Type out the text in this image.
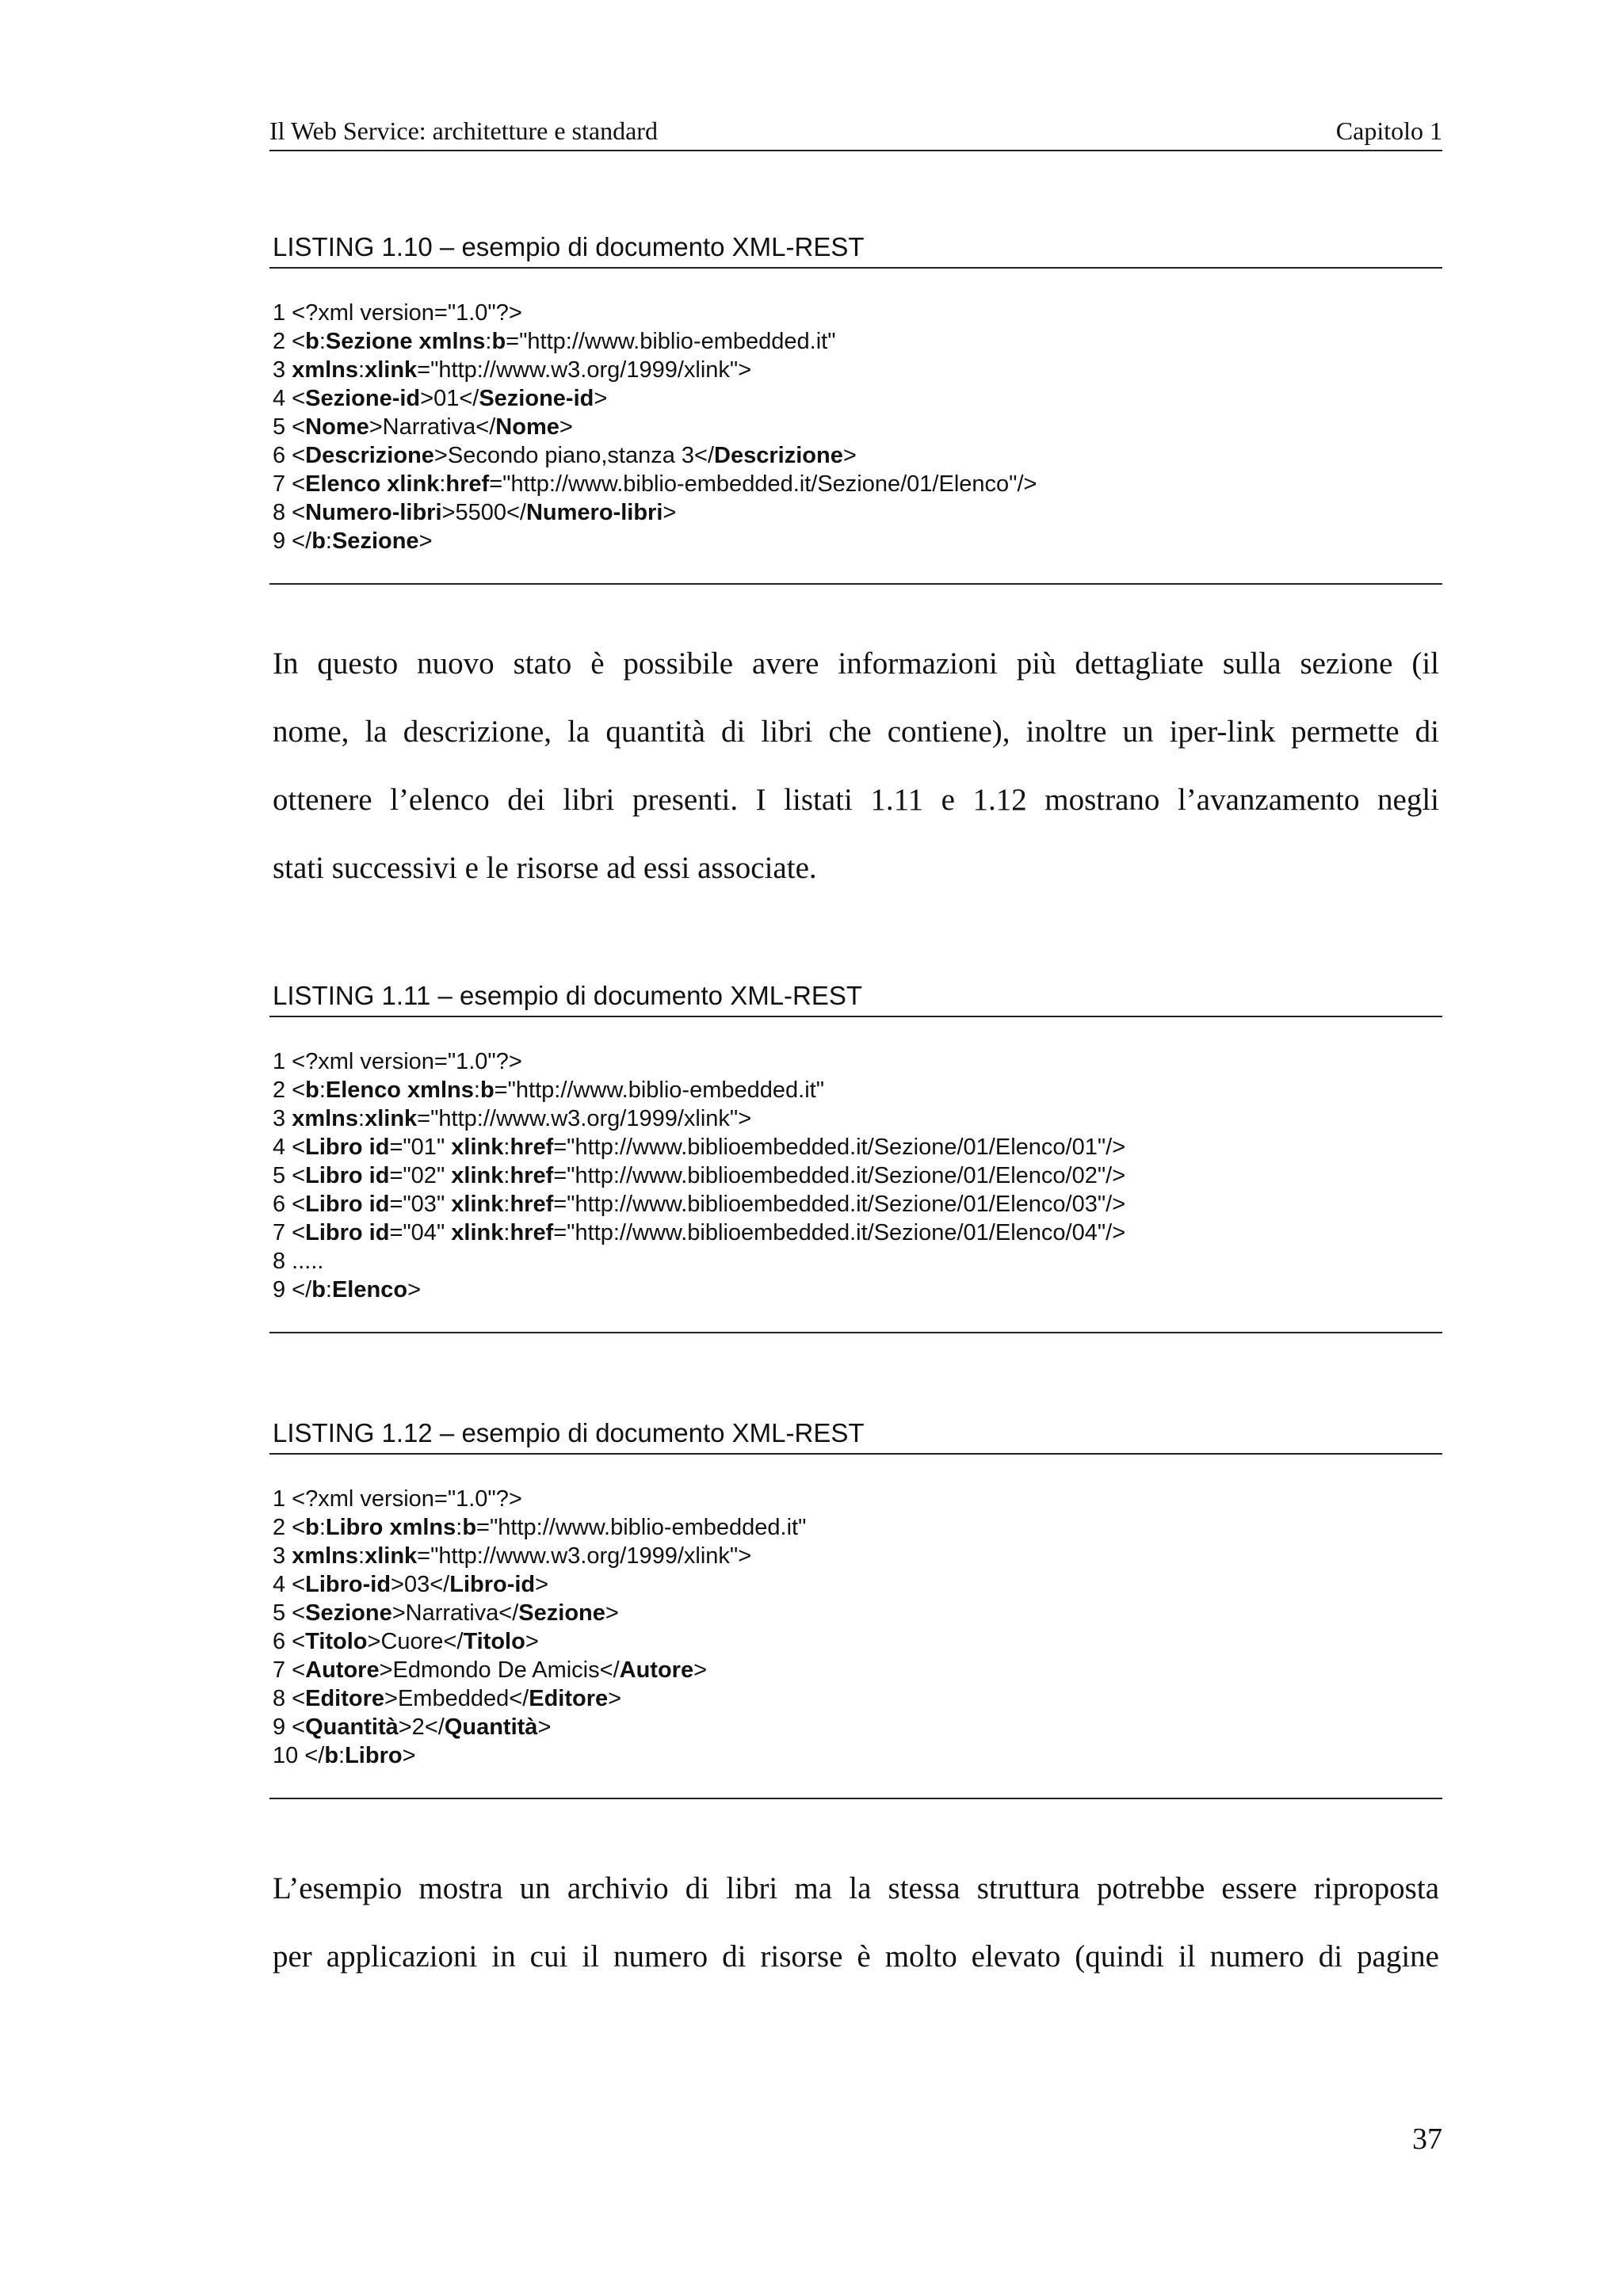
Il Web Service: architetture e standard	Capitolo 1
LISTING 1.10 – esempio di documento XML-REST
1 <?xml version="1.0"?>
2 <b:Sezione xmlns:b="http://www.biblio-embedded.it"
3 xmlns:xlink="http://www.w3.org/1999/xlink">
4 <Sezione-id>01</Sezione-id>
5 <Nome>Narrativa</Nome>
6 <Descrizione>Secondo piano,stanza 3</Descrizione>
7 <Elenco xlink:href="http://www.biblio-embedded.it/Sezione/01/Elenco"/>
8 <Numero-libri>5500</Numero-libri>
9 </b:Sezione>
In questo nuovo stato è possibile avere informazioni più dettagliate sulla sezione (il
nome, la descrizione, la quantità di libri che contiene), inoltre un iper-link permette di
ottenere l’elenco dei libri presenti. I listati 1.11 e 1.12 mostrano l’avanzamento negli
stati successivi e le risorse ad essi associate.
LISTING 1.11 – esempio di documento XML-REST
1 <?xml version="1.0"?>
2 <b:Elenco xmlns:b="http://www.biblio-embedded.it"
3 xmlns:xlink="http://www.w3.org/1999/xlink">
4 <Libro id="01" xlink:href="http://www.biblioembedded.it/Sezione/01/Elenco/01"/>
5 <Libro id="02" xlink:href="http://www.biblioembedded.it/Sezione/01/Elenco/02"/>
6 <Libro id="03" xlink:href="http://www.biblioembedded.it/Sezione/01/Elenco/03"/>
7 <Libro id="04" xlink:href="http://www.biblioembedded.it/Sezione/01/Elenco/04"/>
8 .....
9 </b:Elenco>
LISTING 1.12 – esempio di documento XML-REST
1 <?xml version="1.0"?>
2 <b:Libro xmlns:b="http://www.biblio-embedded.it"
3 xmlns:xlink="http://www.w3.org/1999/xlink">
4 <Libro-id>03</Libro-id>
5 <Sezione>Narrativa</Sezione>
6 <Titolo>Cuore</Titolo>
7 <Autore>Edmondo De Amicis</Autore>
8 <Editore>Embedded</Editore>
9 <Quantità>2</Quantità>
10 </b:Libro>
L’esempio mostra un archivio di libri ma la stessa struttura potrebbe essere riproposta
per applicazioni in cui il numero di risorse è molto elevato (quindi il numero di pagine
37
